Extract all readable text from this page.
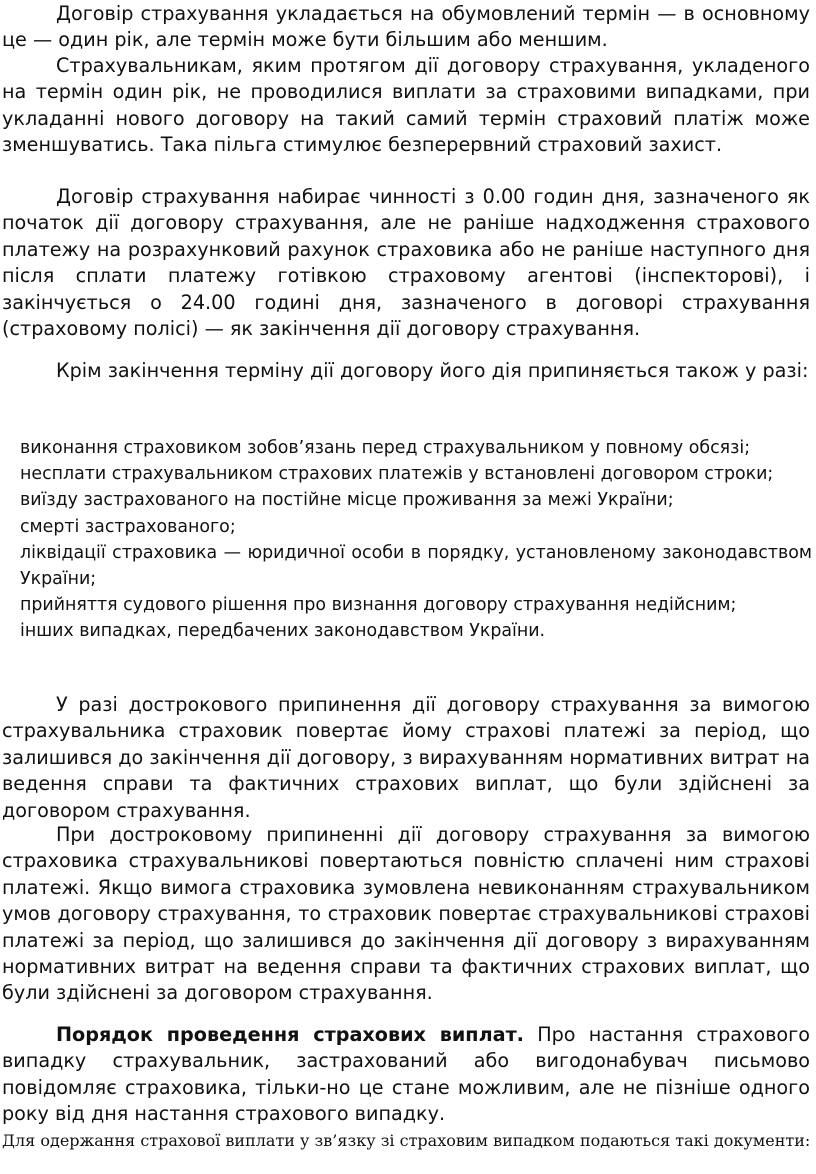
Договір страхування укладається на обумовлений термін — в основному це — один рік, але термін може бути більшим або меншим.

Страхувальникам, яким протягом дії договору страхування, укладеного на термін один рік, не проводилися виплати за страховими випадками, при укладанні нового договору на такий самий термін страховий платіж може зменшуватись. Така пільга стимулює безперервний страховий захист.

Договір страхування набирає чинності з 0.00 годин дня, зазначеного як початок дії договору страхування, але не раніше надходження страхового платежу на розрахунковий рахунок страховика або не раніше наступного дня після сплати платежу готівкою страховому агентові (інспекторові), і закінчується о 24.00 годині дня, зазначеного в договорі страхування (страховому полісі) — як закінчення дії договору страхування.

Крім закінчення терміну дії договору його дія припиняється також у разі:

виконання страховиком зобов’язань перед страхувальником у повному обсязі;
несплати страхувальником страхових платежів у встановлені договором строки;
виїзду застрахованого на постійне місце проживання за межі України;
смерті застрахованого;
ліквідації страховика — юридичної особи в порядку, установленому законодавством України;
прийняття судового рішення про визнання договору страхування недійсним;
інших випадках, передбачених законодавством України.

У разі дострокового припинення дії договору страхування за вимогою страхувальника страховик повертає йому страхові платежі за період, що залишився до закінчення дії договору, з вирахуванням нормативних витрат на ведення справи та фактичних страхових виплат, що були здійснені за договором страхування.

При достроковому припиненні дії договору страхування за вимогою страховика страхувальникові повертаються повністю сплачені ним страхові платежі. Якщо вимога страховика зумовлена невиконанням страхувальником умов договору страхування, то страховик повертає страхувальникові страхові платежі за період, що залишився до закінчення дії договору з вирахуванням нормативних витрат на ведення справи та фактичних страхових виплат, що були здійснені за договором страхування.

Порядок проведення страхових виплат. Про настання страхового випадку страхувальник, застрахований або вигодонабувач письмово повідомляє страховика, тільки-но це стане можливим, але не пізніше одного року від дня настання страхового випадку.

Для одержання страхової виплати у зв’язку зі страховим випадком подаються такі документи:
